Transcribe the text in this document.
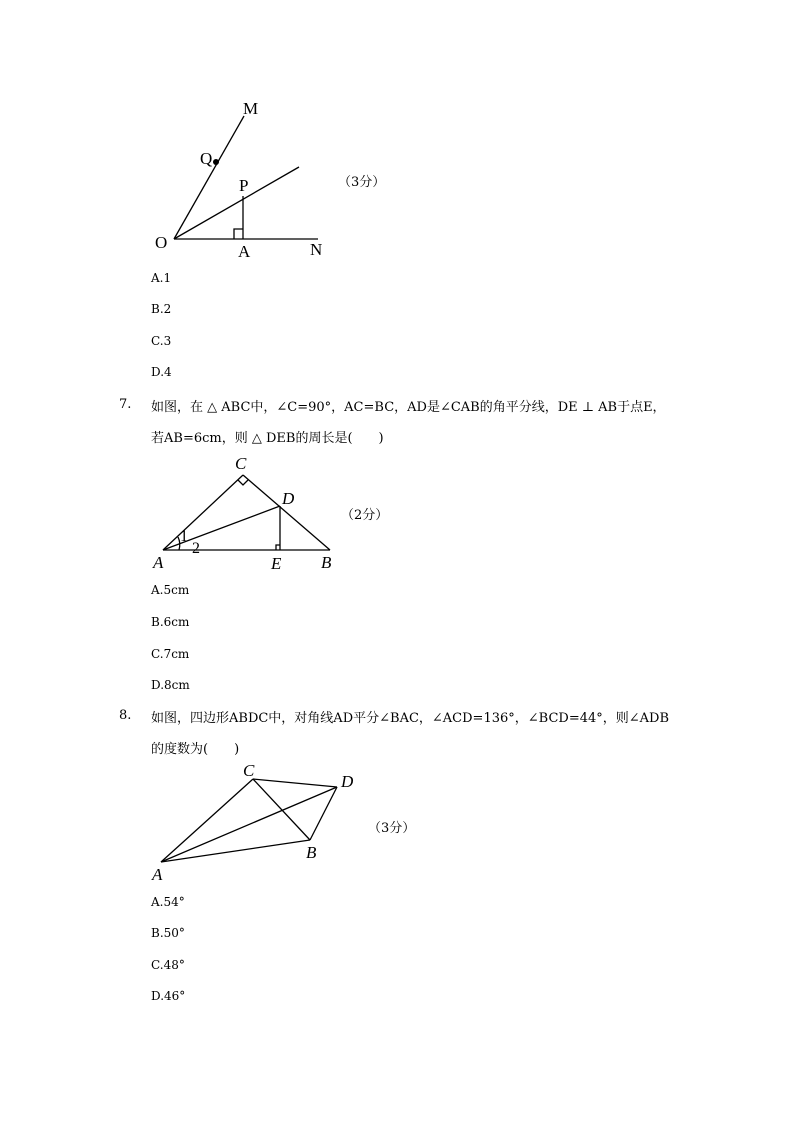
M
Q
P
O	A	N
（3分）
A.1
B.2
C.3
D.4
7. 如图，在 △ ABC中，∠C=90°，AC=BC，AD是∠CAB的角平分线，DE ⊥ AB于点E，
若AB=6cm，则 △ DEB的周长是(　　)
C
D
1
2
A	E B
（2分）
A.5cm
B.6cm
C.7cm
D.8cm
8. 如图，四边形ABDC中，对角线AD平分∠BAC，∠ACD=136°，∠BCD=44°，则∠ADB
的度数为(　　)
C
D
B
A
（3分）
A.54°
B.50°
C.48°
D.46°
